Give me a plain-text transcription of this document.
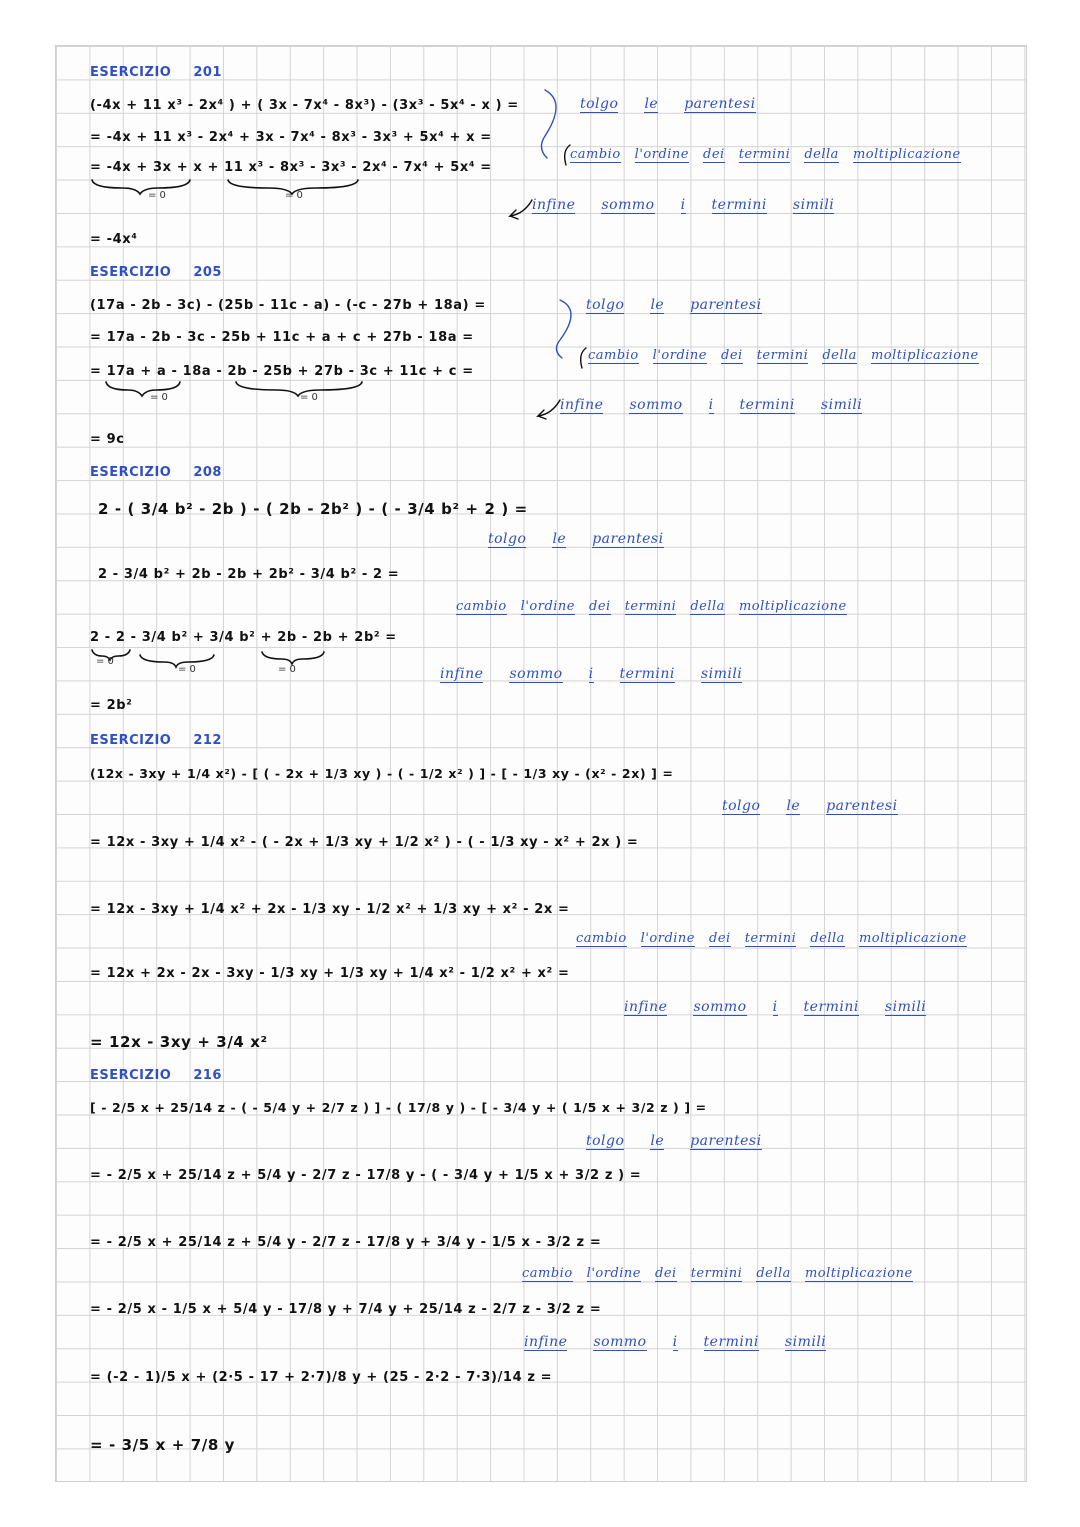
ESERCIZIO 201
(-4x + 11 x³ - 2x⁴ ) + ( 3x - 7x⁴ - 8x³) - (3x³ - 5x⁴ - x ) =
= -4x + 11 x³ - 2x⁴ + 3x - 7x⁴ - 8x³ - 3x³ + 5x⁴ + x =
= -4x + 3x + x + 11 x³ - 8x³ - 3x³ - 2x⁴ - 7x⁴ + 5x⁴ =
= 0	= 0
= -4x⁴
tolgo le parentesi
cambio l'ordine dei termini della moltiplicazione
infine sommo i termini simili
ESERCIZIO 205
(17a - 2b - 3c) - (25b - 11c - a) - (-c - 27b + 18a) =
= 17a - 2b - 3c - 25b + 11c + a + c + 27b - 18a =
= 17a + a - 18a - 2b - 25b + 27b - 3c + 11c + c =
= 0	= 0
= 9c
tolgo le parentesi
cambio l'ordine dei termini della moltiplicazione
infine sommo i termini simili
ESERCIZIO 208
2 - ( 3/4 b² - 2b ) - ( 2b - 2b² ) - ( - 3/4 b² + 2 ) =
2 - 3/4 b² + 2b - 2b + 2b² - 3/4 b² - 2 =
2 - 2 - 3/4 b² + 3/4 b² + 2b - 2b + 2b² =
= 0
= 0	= 0
= 2b²
tolgo le parentesi
cambio l'ordine dei termini della moltiplicazione
infine sommo i termini simili
ESERCIZIO 212
(12x - 3xy + 1/4 x²) - [ ( - 2x + 1/3 xy ) - ( - 1/2 x² ) ] - [ - 1/3 xy - (x² - 2x) ] =
= 12x - 3xy + 1/4 x² - ( - 2x + 1/3 xy + 1/2 x² ) - ( - 1/3 xy - x² + 2x ) =
= 12x - 3xy + 1/4 x² + 2x - 1/3 xy - 1/2 x² + 1/3 xy + x² - 2x =
= 12x + 2x - 2x - 3xy - 1/3 xy + 1/3 xy + 1/4 x² - 1/2 x² + x² =
= 12x - 3xy + 3/4 x²
tolgo le parentesi
cambio l'ordine dei termini della moltiplicazione
infine sommo i termini simili
ESERCIZIO 216
[ - 2/5 x + 25/14 z - ( - 5/4 y + 2/7 z ) ] - ( 17/8 y ) - [ - 3/4 y + ( 1/5 x + 3/2 z ) ] =
= - 2/5 x + 25/14 z + 5/4 y - 2/7 z - 17/8 y - ( - 3/4 y + 1/5 x + 3/2 z ) =
= - 2/5 x + 25/14 z + 5/4 y - 2/7 z - 17/8 y + 3/4 y - 1/5 x - 3/2 z =
= - 2/5 x - 1/5 x + 5/4 y - 17/8 y + 7/4 y + 25/14 z - 2/7 z - 3/2 z =
= (-2 - 1)/5 x + (2·5 - 17 + 2·7)/8 y + (25 - 2·2 - 7·3)/14 z =
= - 3/5 x + 7/8 y
tolgo le parentesi
cambio l'ordine dei termini della moltiplicazione
infine sommo i termini simili
